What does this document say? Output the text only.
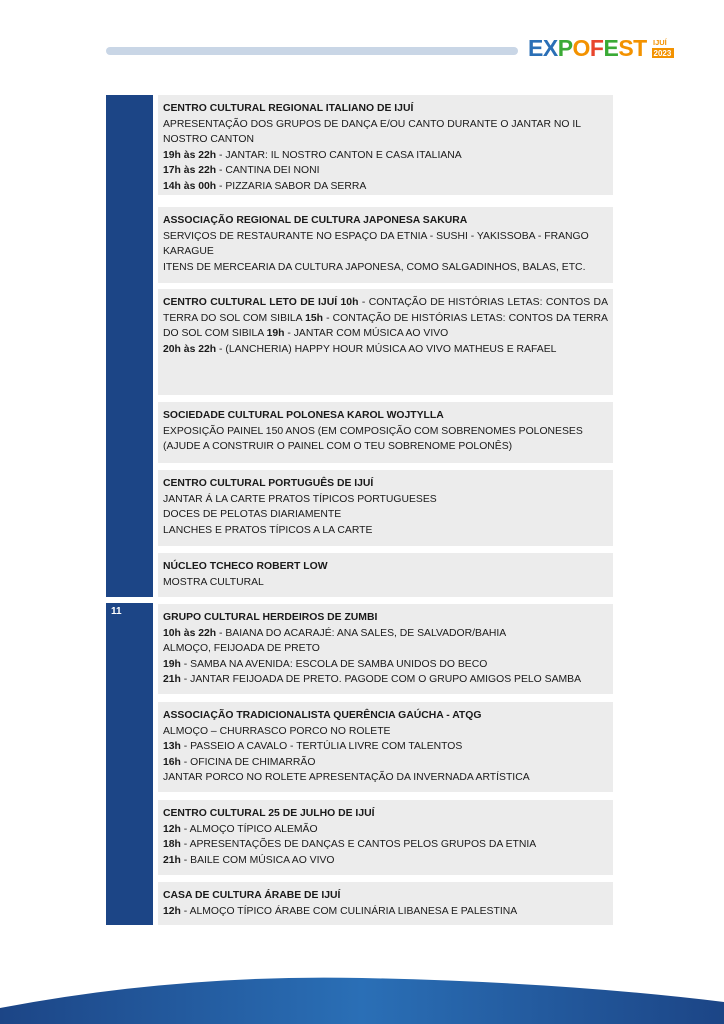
EXPOFEST IJUÍ
2023
11
CENTRO CULTURAL REGIONAL ITALIANO DE IJUÍ
APRESENTAÇÃO DOS GRUPOS DE DANÇA E/OU CANTO DURANTE O JANTAR NO IL NOSTRO CANTON
19h às 22h - JANTAR: IL NOSTRO CANTON E CASA ITALIANA
17h às 22h - CANTINA DEI NONI
14h às 00h - PIZZARIA SABOR DA SERRA
ASSOCIAÇÃO REGIONAL DE CULTURA JAPONESA SAKURA
SERVIÇOS DE RESTAURANTE NO ESPAÇO DA ETNIA - SUSHI - YAKISSOBA - FRANGO KARAGUE
ITENS DE MERCEARIA DA CULTURA JAPONESA, COMO SALGADINHOS, BALAS, ETC.
CENTRO CULTURAL LETO DE IJUÍ 10h - CONTAÇÃO DE HISTÓRIAS LETAS: CONTOS DA TERRA DO SOL COM SIBILA 15h - CONTAÇÃO DE HISTÓRIAS LETAS: CONTOS DA TERRA DO SOL COM SIBILA 19h - JANTAR COM MÚSICA AO VIVO
20h às 22h - (LANCHERIA) HAPPY HOUR MÚSICA AO VIVO MATHEUS E RAFAEL
SOCIEDADE CULTURAL POLONESA KAROL WOJTYLLA
EXPOSIÇÃO PAINEL 150 ANOS (EM COMPOSIÇÃO COM SOBRENOMES POLONESES (AJUDE A CONSTRUIR O PAINEL COM O TEU SOBRENOME POLONÊS)
CENTRO CULTURAL PORTUGUÊS DE IJUÍ
JANTAR Á LA CARTE PRATOS TÍPICOS PORTUGUESES
DOCES DE PELOTAS DIARIAMENTE
LANCHES E PRATOS TÍPICOS A LA CARTE
NÚCLEO TCHECO ROBERT LOW
MOSTRA CULTURAL
GRUPO CULTURAL HERDEIROS DE ZUMBI
10h às 22h - BAIANA DO ACARAJÉ: ANA SALES, DE SALVADOR/BAHIA
ALMOÇO, FEIJOADA DE PRETO
19h - SAMBA NA AVENIDA: ESCOLA DE SAMBA UNIDOS DO BECO
21h - JANTAR FEIJOADA DE PRETO. PAGODE COM O GRUPO AMIGOS PELO SAMBA
ASSOCIAÇÃO TRADICIONALISTA QUERÊNCIA GAÚCHA - ATQG
ALMOÇO – CHURRASCO PORCO NO ROLETE
13h - PASSEIO A CAVALO - TERTÚLIA LIVRE COM TALENTOS
16h - OFICINA DE CHIMARRÃO
JANTAR PORCO NO ROLETE APRESENTAÇÃO DA INVERNADA ARTÍSTICA
CENTRO CULTURAL 25 DE JULHO DE IJUÍ
12h - ALMOÇO TÍPICO ALEMÃO
18h - APRESENTAÇÕES DE DANÇAS E CANTOS PELOS GRUPOS DA ETNIA
21h - BAILE COM MÚSICA AO VIVO
CASA DE CULTURA ÁRABE DE IJUÍ
12h - ALMOÇO TÍPICO ÁRABE COM CULINÁRIA LIBANESA E PALESTINA
